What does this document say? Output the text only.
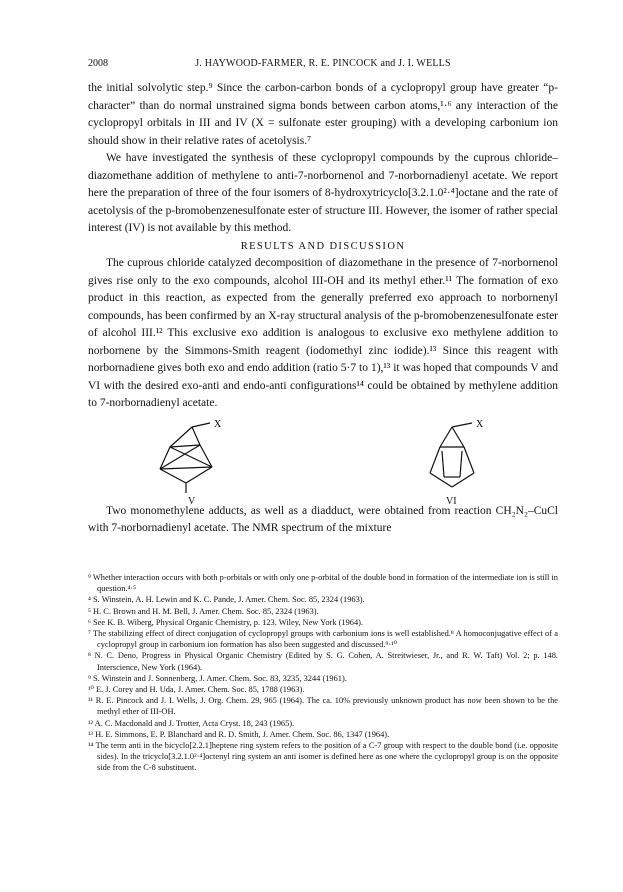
2008	J. HAYWOOD-FARMER, R. E. PINCOCK and J. I. WELLS

the initial solvolytic step.⁹ Since the carbon-carbon bonds of a cyclopropyl group have greater “p-character” than do normal unstrained sigma bonds between carbon atoms,¹·⁶ any interaction of the cyclopropyl orbitals in III and IV (X = sulfonate ester grouping) with a developing carbonium ion should show in their relative rates of acetolysis.⁷

We have investigated the synthesis of these cyclopropyl compounds by the cuprous chloride–diazomethane addition of methylene to anti-7-norbornenol and 7-norbornadienyl acetate. We report here the preparation of three of the four isomers of 8-hydroxytricyclo[3.2.1.0²·⁴]octane and the rate of acetolysis of the p-bromobenzenesulfonate ester of structure III. However, the isomer of rather special interest (IV) is not available by this method.

RESULTS AND DISCUSSION

The cuprous chloride catalyzed decomposition of diazomethane in the presence of 7-norbornenol gives rise only to the exo compounds, alcohol III-OH and its methyl ether.¹¹ The formation of exo product in this reaction, as expected from the generally preferred exo approach to norbornenyl compounds, has been confirmed by an X-ray structural analysis of the p-bromobenzenesulfonate ester of alcohol III.¹² This exclusive exo addition is analogous to exclusive exo methylene addition to norbornene by the Simmons-Smith reagent (iodomethyl zinc iodide).¹³ Since this reagent with norbornadiene gives both exo and endo addition (ratio 5·7 to 1),¹³ it was hoped that compounds V and VI with the desired exo-anti and endo-anti configurations¹⁴ could be obtained by methylene addition to 7-norbornadienyl acetate.

X	X
V	VI

Two monomethylene adducts, as well as a diadduct, were obtained from reaction CH₂N₂–CuCl with 7-norbornadienyl acetate. The NMR spectrum of the mixture

⁹ Whether interaction occurs with both p-orbitals or with only one p-orbital of the double bond in formation of the intermediate ion is still in question.⁴·⁵

⁴ S. Winstein, A. H. Lewin and K. C. Pande, J. Amer. Chem. Soc. 85, 2324 (1963).

⁵ H. C. Brown and H. M. Bell, J. Amer. Chem. Soc. 85, 2324 (1963).

⁶ See K. B. Wiberg, Physical Organic Chemistry, p. 123. Wiley, New York (1964).

⁷ The stabilizing effect of direct conjugation of cyclopropyl groups with carbonium ions is well established.⁸ A homoconjugative effect of a cyclopropyl group in carbonium ion formation has also been suggested and discussed.⁹·¹⁰

⁸ N. C. Deno, Progress in Physical Organic Chemistry (Edited by S. G. Cohen, A. Streitwieser, Jr., and R. W. Taft) Vol. 2; p. 148. Interscience, New York (1964).

⁹ S. Winstein and J. Sonnenberg, J. Amer. Chem. Soc. 83, 3235, 3244 (1961).

¹⁰ E. J. Corey and H. Uda, J. Amer. Chem. Soc. 85, 1788 (1963).

¹¹ R. E. Pincock and J. I. Wells, J. Org. Chem. 29, 965 (1964). The ca. 10% previously unknown product has now been shown to be the methyl ether of III-OH.

¹² A. C. Macdonald and J. Trotter, Acta Cryst. 18, 243 (1965).

¹³ H. E. Simmons, E. P. Blanchard and R. D. Smith, J. Amer. Chem. Soc. 86, 1347 (1964).

¹⁴ The term anti in the bicyclo[2.2.1]heptene ring system refers to the position of a C-7 group with respect to the double bond (i.e. opposite sides). In the tricyclo[3.2.1.0²·⁴]octenyl ring system an anti isomer is defined here as one where the cyclopropyl group is on the opposite side from the C-8 substituent.
